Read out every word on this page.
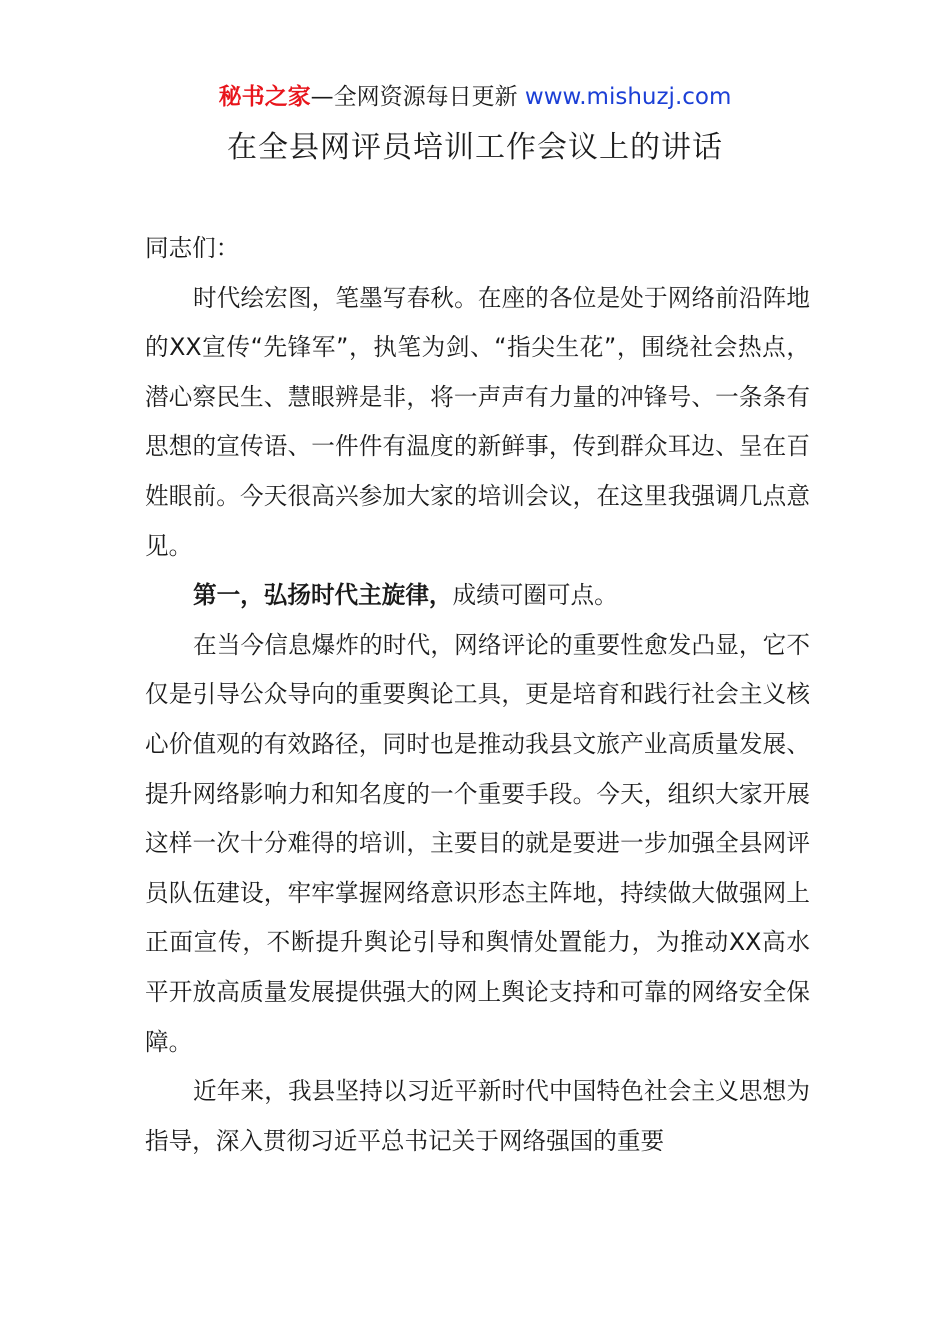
秘书之家—全网资源每日更新 www.mishuzj.com
在全县网评员培训工作会议上的讲话

同志们：

时代绘宏图，笔墨写春秋。在座的各位是处于网络前沿阵地的XX宣传“先锋军”，执笔为剑、“指尖生花”，围绕社会热点，潜心察民生、慧眼辨是非，将一声声有力量的冲锋号、一条条有思想的宣传语、一件件有温度的新鲜事，传到群众耳边、呈在百姓眼前。今天很高兴参加大家的培训会议，在这里我强调几点意见。

第一，弘扬时代主旋律，成绩可圈可点。

在当今信息爆炸的时代，网络评论的重要性愈发凸显，它不仅是引导公众导向的重要舆论工具，更是培育和践行社会主义核心价值观的有效路径，同时也是推动我县文旅产业高质量发展、提升网络影响力和知名度的一个重要手段。今天，组织大家开展这样一次十分难得的培训，主要目的就是要进一步加强全县网评员队伍建设，牢牢掌握网络意识形态主阵地，持续做大做强网上正面宣传，不断提升舆论引导和舆情处置能力，为推动XX高水平开放高质量发展提供强大的网上舆论支持和可靠的网络安全保障。

近年来，我县坚持以习近平新时代中国特色社会主义思想为指导，深入贯彻习近平总书记关于网络强国的重要
